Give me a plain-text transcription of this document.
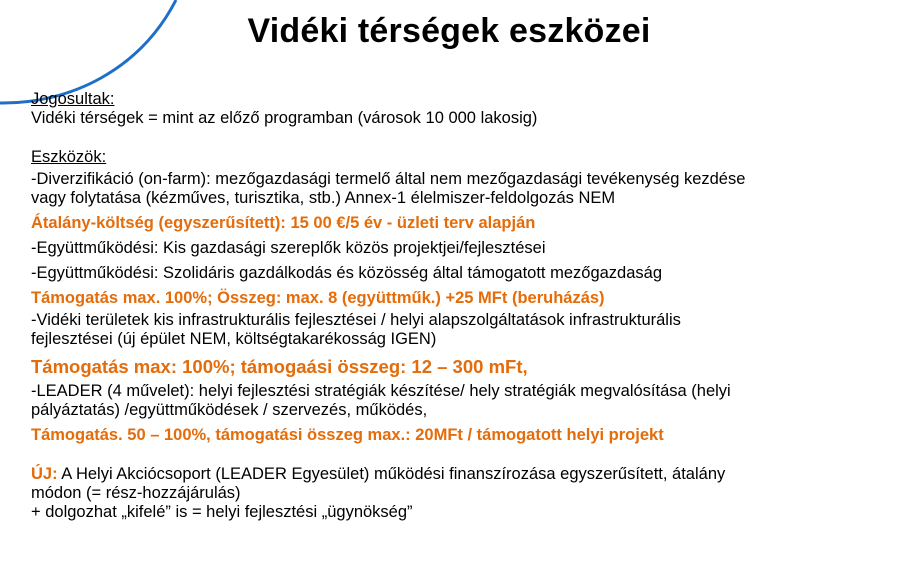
Vidéki térségek eszközei

Jogosultak:

Vidéki térségek = mint az előző programban (városok 10 000 lakosig)

Eszközök:

-Diverzifikáció (on-farm): mezőgazdasági termelő által nem mezőgazdasági tevékenység kezdése

vagy folytatása (kézműves, turisztika, stb.) Annex-1 élelmiszer-feldolgozás NEM

Átalány-költség (egyszerűsített): 15 00 €/5 év - üzleti terv alapján

-Együttműködési: Kis gazdasági szereplők közös projektjei/fejlesztései

-Együttműködési: Szolidáris gazdálkodás és közösség által támogatott mezőgazdaság

Támogatás max. 100%; Összeg: max. 8 (együttműk.) +25 MFt (beruházás)

-Vidéki területek kis infrastrukturális fejlesztései / helyi alapszolgáltatások infrastrukturális

fejlesztései (új épület NEM, költségtakarékosság IGEN)

Támogatás max: 100%; támogaási összeg: 12 – 300 mFt,

-LEADER (4 művelet): helyi fejlesztési stratégiák készítése/ hely stratégiák megvalósítása (helyi

pályáztatás) /együttműködések / szervezés, működés,

Támogatás. 50 – 100%, támogatási összeg max.: 20MFt / támogatott helyi projekt

ÚJ: A Helyi Akciócsoport (LEADER Egyesület) működési finanszírozása egyszerűsített, átalány

módon (= rész-hozzájárulás)

+ dolgozhat „kifelé” is = helyi fejlesztési „ügynökség”
